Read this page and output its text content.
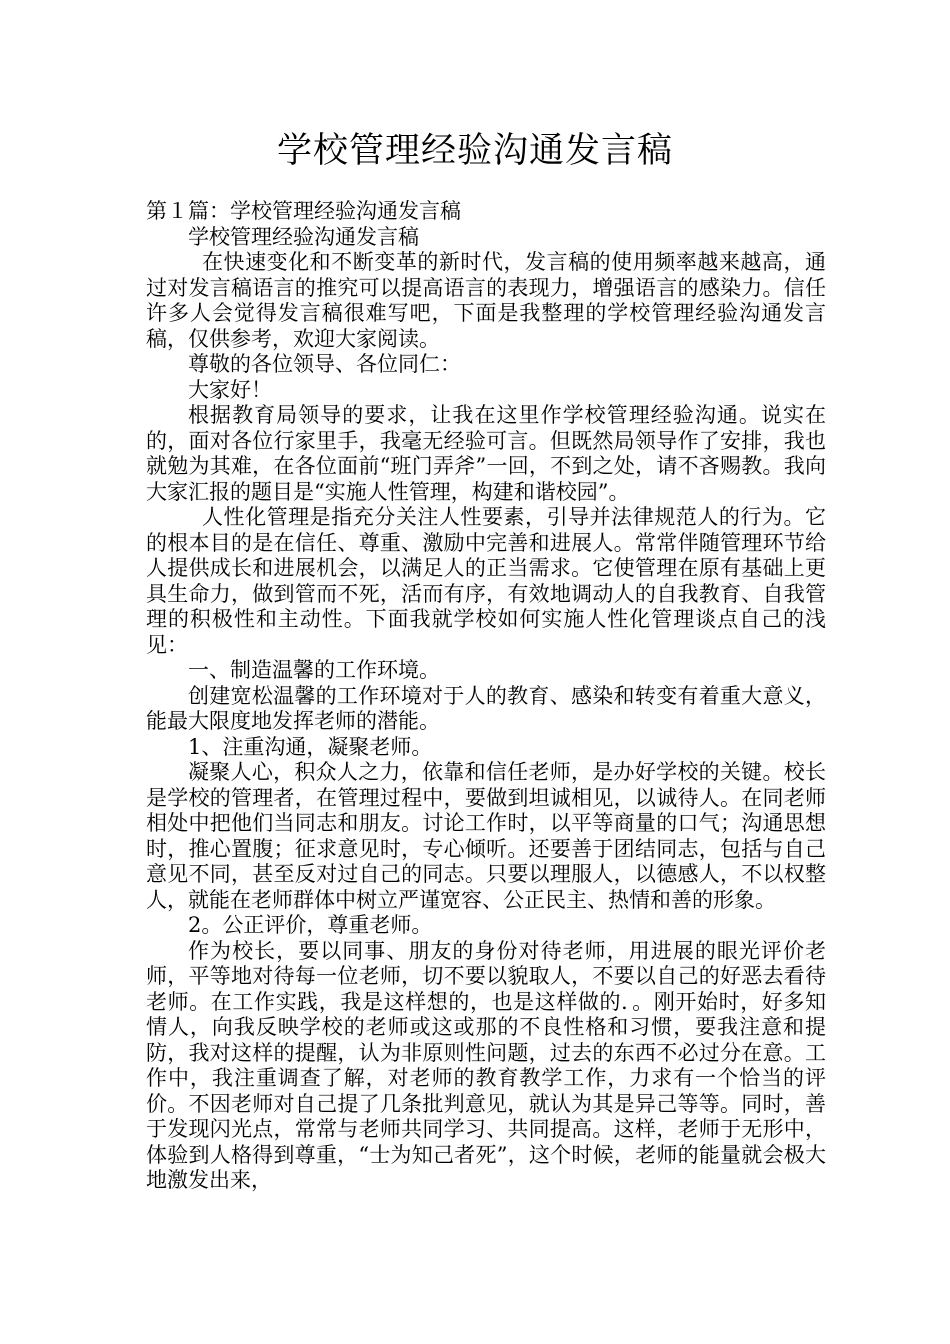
学校管理经验沟通发言稿

第１篇：学校管理经验沟通发言稿

学校管理经验沟通发言稿

在快速变化和不断变革的新时代，发言稿的使用频率越来越高，通过对发言稿语言的推究可以提高语言的表现力，增强语言的感染力。信任许多人会觉得发言稿很难写吧，下面是我整理的学校管理经验沟通发言稿，仅供参考，欢迎大家阅读。

尊敬的各位领导、各位同仁：

大家好！

根据教育局领导的要求，让我在这里作学校管理经验沟通。说实在的，面对各位行家里手，我毫无经验可言。但既然局领导作了安排，我也就勉为其难，在各位面前“班门弄斧”一回，不到之处，请不吝赐教。我向大家汇报的题目是“实施人性管理，构建和谐校园”。

人性化管理是指充分关注人性要素，引导并法律规范人的行为。它的根本目的是在信任、尊重、激励中完善和进展人。常常伴随管理环节给人提供成长和进展机会，以满足人的正当需求。它使管理在原有基础上更具生命力，做到管而不死，活而有序，有效地调动人的自我教育、自我管理的积极性和主动性。下面我就学校如何实施人性化管理谈点自己的浅见：

一、制造温馨的工作环境。

创建宽松温馨的工作环境对于人的教育、感染和转变有着重大意义，能最大限度地发挥老师的潜能。

1、注重沟通，凝聚老师。

凝聚人心，积众人之力，依靠和信任老师，是办好学校的关键。校长是学校的管理者，在管理过程中，要做到坦诚相见，以诚待人。在同老师相处中把他们当同志和朋友。讨论工作时，以平等商量的口气；沟通思想时，推心置腹；征求意见时，专心倾听。还要善于团结同志，包括与自己意见不同，甚至反对过自己的同志。只要以理服人，以德感人，不以权整人，就能在老师群体中树立严谨宽容、公正民主、热情和善的形象。

2。公正评价，尊重老师。

作为校长，要以同事、朋友的身份对待老师，用进展的眼光评价老师，平等地对待每一位老师，切不要以貌取人，不要以自己的好恶去看待老师。在工作实践，我是这样想的，也是这样做的．。刚开始时，好多知情人，向我反映学校的老师或这或那的不良性格和习惯，要我注意和提防，我对这样的提醒，认为非原则性问题，过去的东西不必过分在意。工作中，我注重调查了解，对老师的教育教学工作，力求有一个恰当的评价。不因老师对自己提了几条批判意见，就认为其是异己等等。同时，善于发现闪光点，常常与老师共同学习、共同提高。这样，老师于无形中，体验到人格得到尊重，“士为知己者死”，这个时候，老师的能量就会极大地激发出来，
